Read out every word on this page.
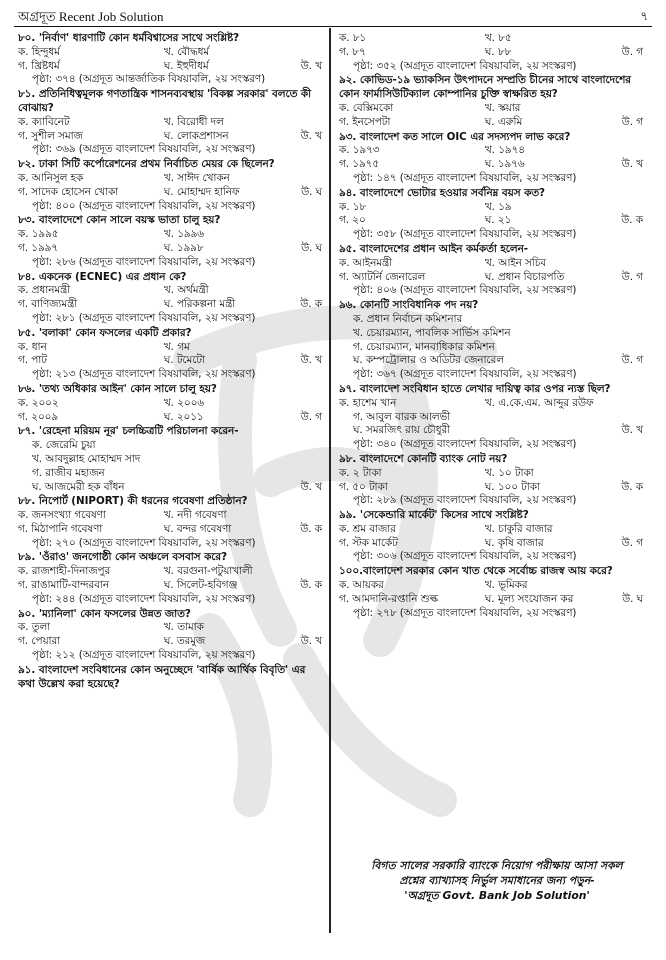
অগ্রদূত Recent Job Solution	৭
৮০. 'নির্বাণ' ধারণাটি কোন ধর্মবিশ্বাসের সাথে সংশ্লিষ্ট?
ক. হিন্দুধর্ম	খ. বৌদ্ধধর্ম
গ. খ্রিষ্টধর্ম	ঘ. ইহুদীধর্ম	উ. খ
পৃষ্ঠা: ৩৭৪ (অগ্রদূত আন্তর্জাতিক বিষয়াবলি, ২য় সংস্করণ)
৮১. প্রতিনিধিত্বমূলক গণতান্ত্রিক শাসনব্যবস্থায় 'বিকল্প সরকার' বলতে কী বোঝায়?
ক. ক্যাবিনেট	খ. বিরোধী দল
গ. সুশীল সমাজ	ঘ. লোকপ্রশাসন	উ. খ
পৃষ্ঠা: ৩৬৯ (অগ্রদূত বাংলাদেশ বিষয়াবলি, ২য় সংস্করণ)
৮২. ঢাকা সিটি কর্পোরেশনের প্রথম নির্বাচিত মেয়র কে ছিলেন?
ক. আনিসুল হক	খ. সাঈদ খোকন
গ. সাদেক হোসেন খোকা	ঘ. মোহাম্মদ হানিফ	উ. ঘ
পৃষ্ঠা: ৪০০ (অগ্রদূত বাংলাদেশ বিষয়াবলি, ২য় সংস্করণ)
৮৩. বাংলাদেশে কোন সালে বয়স্ক ভাতা চালু হয়?
ক. ১৯৯৫	খ. ১৯৯৬
গ. ১৯৯৭	ঘ. ১৯৯৮	উ. ঘ
পৃষ্ঠা: ২৮৬ (অগ্রদূত বাংলাদেশ বিষয়াবলি, ২য় সংস্করণ)
৮৪. একনেক (ECNEC) এর প্রধান কে?
ক. প্রধানমন্ত্রী	খ. অর্থমন্ত্রী
গ. বাণিজ্যমন্ত্রী	ঘ. পরিকল্পনা মন্ত্রী	উ. ক
পৃষ্ঠা: ২৮১ (অগ্রদূত বাংলাদেশ বিষয়াবলি, ২য় সংস্করণ)
৮৫. 'বলাকা' কোন ফসলের একটি প্রকার?
ক. ধান	খ. গম
গ. পাট	ঘ. টমেটো	উ. খ
পৃষ্ঠা: ২১৩ (অগ্রদূত বাংলাদেশ বিষয়াবলি, ২য় সংস্করণ)
৮৬. 'তথ্য অধিকার আইন' কোন সালে চালু হয়?
ক. ২০০২	খ. ২০০৬
গ. ২০০৯	ঘ. ২০১১	উ. গ
৮৭. 'রেহেনা মরিয়ম নূর' চলচ্চিত্রটি পরিচালনা করেন-
ক. জেরেমি চুয়া
খ. আবদুল্লাহ মোহাম্মদ সাদ
গ. রাজীব মহাজন
ঘ. আজমেরী হক বাঁধন	উ. খ
৮৮. নিপোর্ট (NIPORT) কী ধরনের গবেষণা প্রতিষ্ঠান?
ক. জনসংখ্যা গবেষণা	খ. নদী গবেষণা
গ. মিঠাপানি গবেষণা	ঘ. বন্দর গবেষণা	উ. ক
পৃষ্ঠা: ২৭০ (অগ্রদূত বাংলাদেশ বিষয়াবলি, ২য় সংস্করণ)
৮৯. 'ওঁরাও' জনগোষ্ঠী কোন অঞ্চলে বসবাস করে?
ক. রাজশাহী-দিনাজপুর	খ. বরগুনা-পটুয়াখালী
গ. রাঙামাটি-বান্দরবান	ঘ. সিলেট-হবিগঞ্জ	উ. ক
পৃষ্ঠা: ২৪৪ (অগ্রদূত বাংলাদেশ বিষয়াবলি, ২য় সংস্করণ)
৯০. 'ম্যানিলা' কোন ফসলের উন্নত জাত?
ক. তুলা	খ. তামাক
গ. পেয়ারা	ঘ. তরমুজ	উ. খ
পৃষ্ঠা: ২১২ (অগ্রদূত বাংলাদেশ বিষয়াবলি, ২য় সংস্করণ)
৯১. বাংলাদেশ সংবিধানের কোন অনুচ্ছেদে 'বার্ষিক আর্থিক বিবৃতি' এর কথা উল্লেখ করা হয়েছে?
ক. ৮১	খ. ৮৫
গ. ৮৭	ঘ. ৮৮	উ. গ
পৃষ্ঠা: ৩৫২ (অগ্রদূত বাংলাদেশ বিষয়াবলি, ২য় সংস্করণ)
৯২. কোভিড-১৯ ভ্যাকসিন উৎপাদনে সম্প্রতি চীনের সাথে বাংলাদেশের কোন ফার্মাসিউটিক্যাল কোম্পানির চুক্তি স্বাক্ষরিত হয়?
ক. বেক্সিমকো	খ. স্কয়ার
গ. ইনসেপটা	ঘ. এরুমি	উ. গ
৯৩. বাংলাদেশ কত সালে OIC এর সদস্যপদ লাভ করে?
ক. ১৯৭৩	খ. ১৯৭৪
গ. ১৯৭৫	ঘ. ১৯৭৬	উ. খ
পৃষ্ঠা: ১৪৭ (অগ্রদূত বাংলাদেশ বিষয়াবলি, ২য় সংস্করণ)
৯৪. বাংলাদেশে ভোটার হওয়ার সর্বনিম্ন বয়স কত?
ক. ১৮	খ. ১৯
গ. ২০	ঘ. ২১	উ. ক
পৃষ্ঠা: ৩৫৮ (অগ্রদূত বাংলাদেশ বিষয়াবলি, ২য় সংস্করণ)
৯৫. বাংলাদেশের প্রধান আইন কর্মকর্তা হলেন-
ক. আইনমন্ত্রী	খ. আইন সচিব
গ. অ্যাটর্নি জেনারেল	ঘ. প্রধান বিচারপতি	উ. গ
পৃষ্ঠা: ৪০৬ (অগ্রদূত বাংলাদেশ বিষয়াবলি, ২য় সংস্করণ)
৯৬. কোনটি সাংবিধানিক পদ নয়?
ক. প্রধান নির্বাচন কমিশনার
খ. চেয়ারম্যান, পাবলিক সার্ভিস কমিশন
গ. চেয়ারম্যান, মানবাধিকার কমিশন
ঘ. কম্পট্রোলার ও অডিটর জেনারেল	উ. গ
পৃষ্ঠা: ৩৬৭ (অগ্রদূত বাংলাদেশ বিষয়াবলি, ২য় সংস্করণ)
৯৭. বাংলাদেশ সংবিধান হাতে লেখার দায়িত্ব কার ওপর ন্যস্ত ছিল?
ক. হাশেম খান	খ. এ.কে.এম. আব্দুর রউফ
গ. আবুল বারক আলভী
ঘ. সমরজিৎ রায় চৌধুরী	উ. খ
পৃষ্ঠা: ৩৪০ (অগ্রদূত বাংলাদেশ বিষয়াবলি, ২য় সংস্করণ)
৯৮. বাংলাদেশে কোনটি ব্যাংক নোট নয়?
ক. ২ টাকা	খ. ১০ টাকা
গ. ৫০ টাকা	ঘ. ১০০ টাকা	উ. ক
পৃষ্ঠা: ২৮৯ (অগ্রদূত বাংলাদেশ বিষয়াবলি, ২য় সংস্করণ)
৯৯. 'সেকেন্ডারি মার্কেট' কিসের সাথে সংশ্লিষ্ট?
ক. শ্রম বাজার	খ. চাকুরি বাজার
গ. স্টক মার্কেট	ঘ. কৃষি বাজার	উ. গ
পৃষ্ঠা: ৩০৬ (অগ্রদূত বাংলাদেশ বিষয়াবলি, ২য় সংস্করণ)
১০০.বাংলাদেশ সরকার কোন খাত থেকে সর্বোচ্চ রাজস্ব আয় করে?
ক. আয়কর	খ. ভূমিকর
গ. আমদানি-রপ্তানি শুল্ক	ঘ. মূল্য সংযোজন কর	উ. ঘ
পৃষ্ঠা: ২৭৮ (অগ্রদূত বাংলাদেশ বিষয়াবলি, ২য় সংস্করণ)
বিগত সালের সরকারি ব্যাংকে নিয়োগ পরীক্ষায় আসা সকল
প্রশ্নের ব্যাখ্যাসহ নির্ভুল সমাধানের জন্য পড়ুন-
'অগ্রদূত Govt. Bank Job Solution'
